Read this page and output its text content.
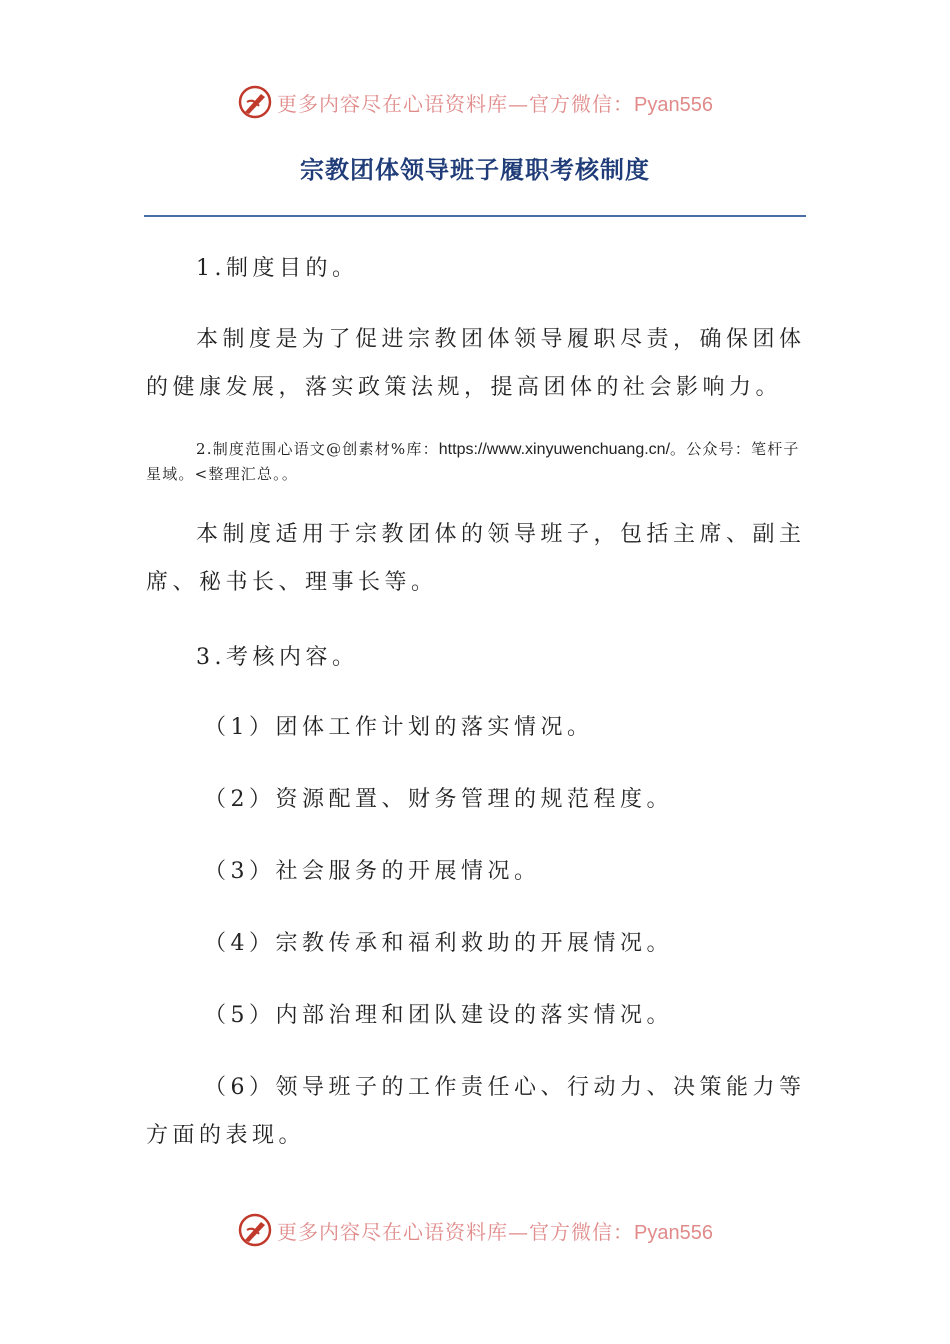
更多内容尽在心语资料库—官方微信：Pyan556
宗教团体领导班子履职考核制度

1.制度目的。

本制度是为了促进宗教团体领导履职尽责，确保团体的健康发展，落实政策法规，提高团体的社会影响力。

2.制度范围心语文@创素材%库：https://www.xinyuwenchuang.cn/。公众号：笔杆子星域。<整理汇总。。

本制度适用于宗教团体的领导班子，包括主席、副主席、秘书长、理事长等。

3.考核内容。

（1）团体工作计划的落实情况。

（2）资源配置、财务管理的规范程度。

（3）社会服务的开展情况。

（4）宗教传承和福利救助的开展情况。

（5）内部治理和团队建设的落实情况。

（6）领导班子的工作责任心、行动力、决策能力等方面的表现。

更多内容尽在心语资料库—官方微信：Pyan556
